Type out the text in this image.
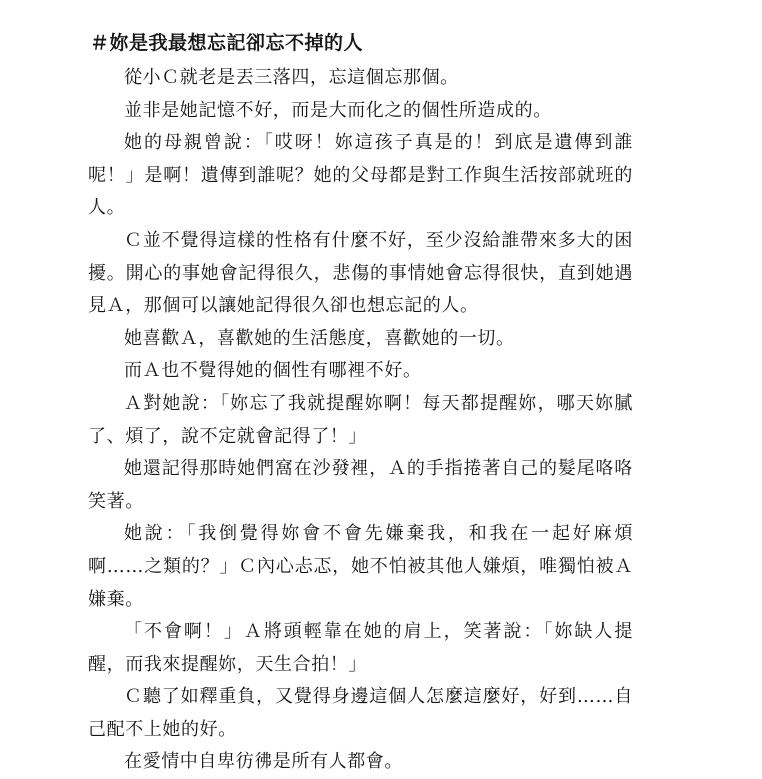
＃妳是我最想忘記卻忘不掉的人

從小Ｃ就老是丟三落四，忘這個忘那個。

並非是她記憶不好，而是大而化之的個性所造成的。

她的母親曾說：「哎呀！妳這孩子真是的！到底是遺傳到誰呢！」是啊！遺傳到誰呢？她的父母都是對工作與生活按部就班的人。

Ｃ並不覺得這樣的性格有什麼不好，至少沒給誰帶來多大的困擾。開心的事她會記得很久，悲傷的事情她會忘得很快，直到她遇見Ａ，那個可以讓她記得很久卻也想忘記的人。

她喜歡Ａ，喜歡她的生活態度，喜歡她的一切。

而Ａ也不覺得她的個性有哪裡不好。

Ａ對她說：「妳忘了我就提醒妳啊！每天都提醒妳，哪天妳膩了、煩了，說不定就會記得了！」

她還記得那時她們窩在沙發裡，Ａ的手指捲著自己的髮尾咯咯笑著。

她說：「我倒覺得妳會不會先嫌棄我，和我在一起好麻煩啊……之類的？」Ｃ內心忐忑，她不怕被其他人嫌煩，唯獨怕被Ａ嫌棄。

「不會啊！」Ａ將頭輕靠在她的肩上，笑著說：「妳缺人提醒，而我來提醒妳，天生合拍！」

Ｃ聽了如釋重負，又覺得身邊這個人怎麼這麼好，好到……自己配不上她的好。

在愛情中自卑彷彿是所有人都會。
